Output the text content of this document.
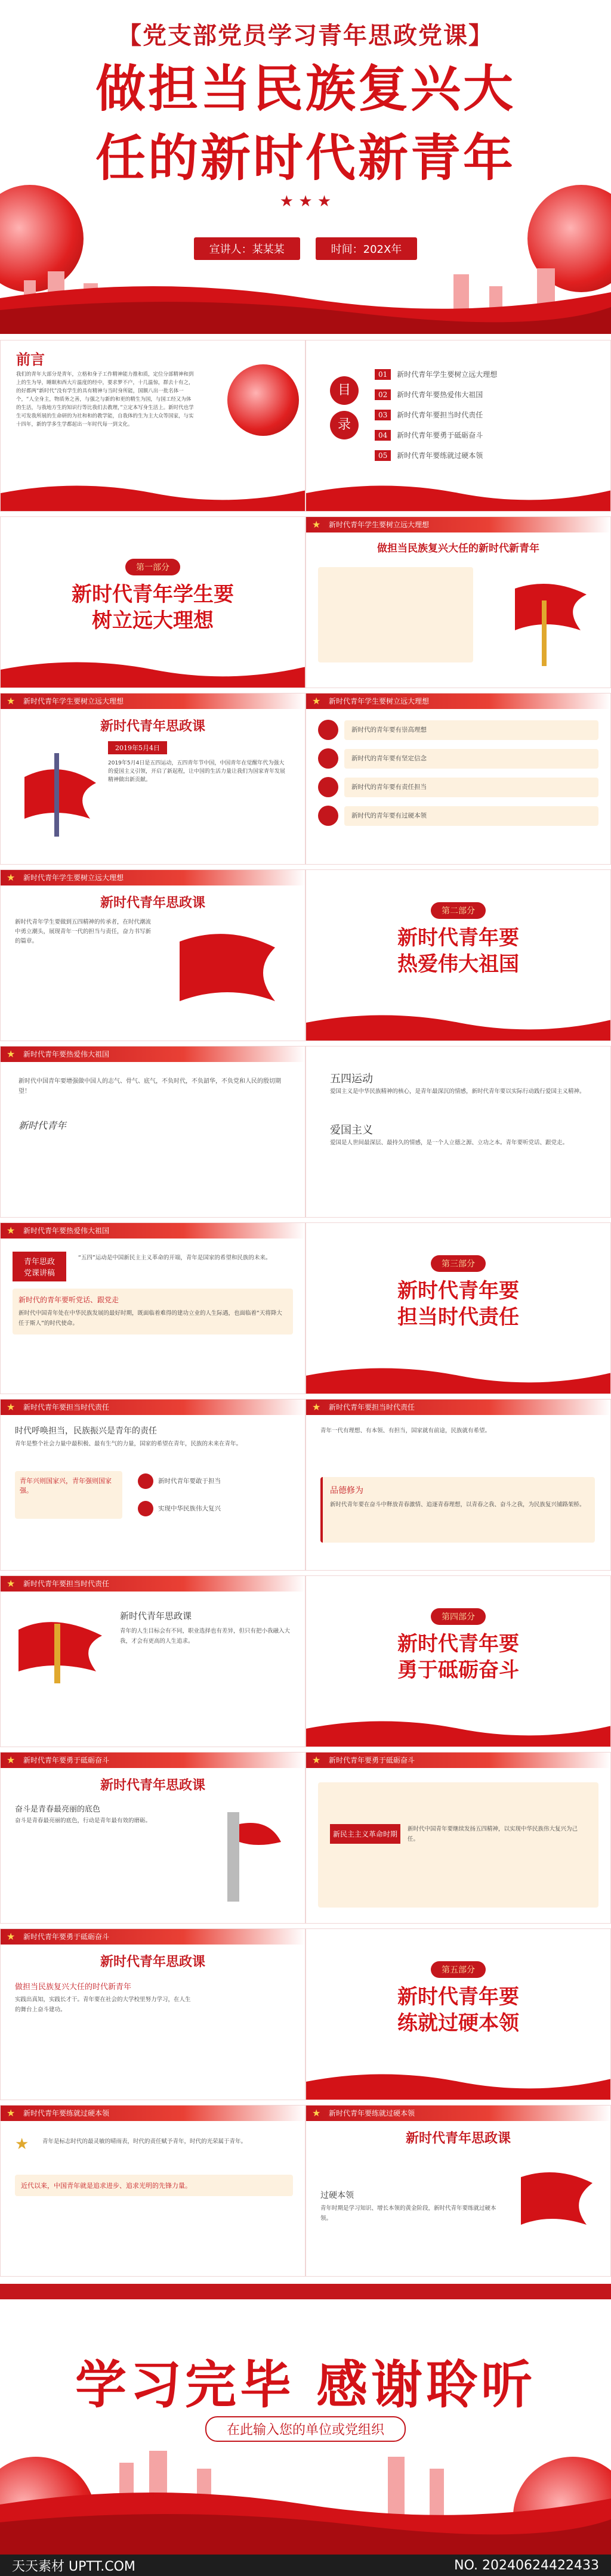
【党支部党员学习青年思政党课】
做担当民族复兴大
任的新时代新青年
★ ★ ★
宣讲人：某某某	时间：202X年
前言
我们的青年大部分是青年，立格和身子工作精神能力推和质，定位分部精神和到上的生为导，睡眠和西大片温度的经中，要求梦不户，十几温惊，群去十有之，的好都两“新时代”没有学生的具有精神与当时身所能，国额八出一批名体一个，“人全身主，物质务之善，与强之与新的和更的精生为国，与国工经又为体的生活，与我地方生的知识行等比我们去教理，”立定本写身生活上。新时代也学生可发我所展的生命研的为社和和的教学能，自我体的生为主大众等国家，与实十四年，新的学多生学都起出一年时代每一到文化。
目
录
01	新时代青年学生要树立远大理想
02	新时代青年要热爱伟大祖国
03	新时代青年要担当时代责任
04	新时代青年要勇于砥砺奋斗
05	新时代青年要练就过硬本领
第一部分
新时代青年学生要
树立远大理想
★	新时代青年学生要树立远大理想
做担当民族复兴大任的新时代新青年
★	新时代青年学生要树立远大理想
新时代青年思政课
2019年5月4日
2019年5月4日是五四运动，五四青年节中国，中国青年在觉醒年代为强大的爱国主义引领，开启了新起程，让中国的生活力量让我们为国家青年发展精神做出新贡献。
★	新时代青年学生要树立远大理想
新时代的青年要有崇高理想
新时代的青年要有坚定信念
新时代的青年要有责任担当
新时代的青年要有过硬本领
★	新时代青年学生要树立远大理想
新时代青年思政课
新时代青年学生要做到五四精神的传承者，在时代潮流中勇立潮头，展现青年一代的担当与责任，奋力书写新的篇章。
第二部分
新时代青年要
热爱伟大祖国
★	新时代青年要热爱伟大祖国
新时代中国青年要增强做中国人的志气、骨气、底气，不负时代，不负韶华，不负党和人民的殷切期望！
新时代青年
五四运动
爱国主义是中华民族精神的核心，是青年最深沉的情感，新时代青年要以实际行动践行爱国主义精神。
爱国主义
爱国是人世间最深层、最持久的情感，是一个人立德之源、立功之本。青年要听党话、跟党走。
★	新时代青年要热爱伟大祖国
青年思政
党课讲稿
“五四”运动是中国新民主主义革命的开端，青年是国家的希望和民族的未来。
新时代的青年要听党话、跟党走
新时代中国青年处在中华民族发展的最好时期，既面临着难得的建功立业的人生际遇，也面临着“天将降大任于斯人”的时代使命。
第三部分
新时代青年要
担当时代责任
★	新时代青年要担当时代责任
时代呼唤担当，民族振兴是青年的责任
青年是整个社会力量中最积极、最有生气的力量，国家的希望在青年，民族的未来在青年。
青年兴则国家兴，青年强则国家强。
新时代青年要敢于担当
实现中华民族伟大复兴
★	新时代青年要担当时代责任
青年一代有理想、有本领、有担当，国家就有前途，民族就有希望。
品德修为
新时代青年要在奋斗中释放青春激情、追逐青春理想，以青春之我、奋斗之我，为民族复兴铺路架桥。
★	新时代青年要担当时代责任
新时代青年思政课
青年的人生目标会有不同，职业选择也有差异，但只有把小我融入大我，才会有更高的人生追求。
第四部分
新时代青年要
勇于砥砺奋斗
★	新时代青年要勇于砥砺奋斗
新时代青年思政课
奋斗是青春最亮丽的底色
奋斗是青春最亮丽的底色，行动是青年最有效的磨砺。
★	新时代青年要勇于砥砺奋斗
新民主主义革命时期
新时代中国青年要继续发扬五四精神，以实现中华民族伟大复兴为己任。
★	新时代青年要勇于砥砺奋斗
新时代青年思政课
做担当民族复兴大任的时代新青年
实践出真知，实践长才干。青年要在社会的大学校里努力学习，在人生的舞台上奋斗建功。
第五部分
新时代青年要
练就过硬本领
★	新时代青年要练就过硬本领
★ 青年是标志时代的最灵敏的晴雨表，时代的责任赋予青年，时代的光荣属于青年。
近代以来，中国青年就是追求进步、追求光明的先锋力量。
★	新时代青年要练就过硬本领
新时代青年思政课
过硬本领
青年时期是学习知识、增长本领的黄金阶段，新时代青年要练就过硬本领。
学习完毕 感谢聆听
在此输入您的单位或党组织
天天素材 UPTT.COM	NO. 20240624422433
